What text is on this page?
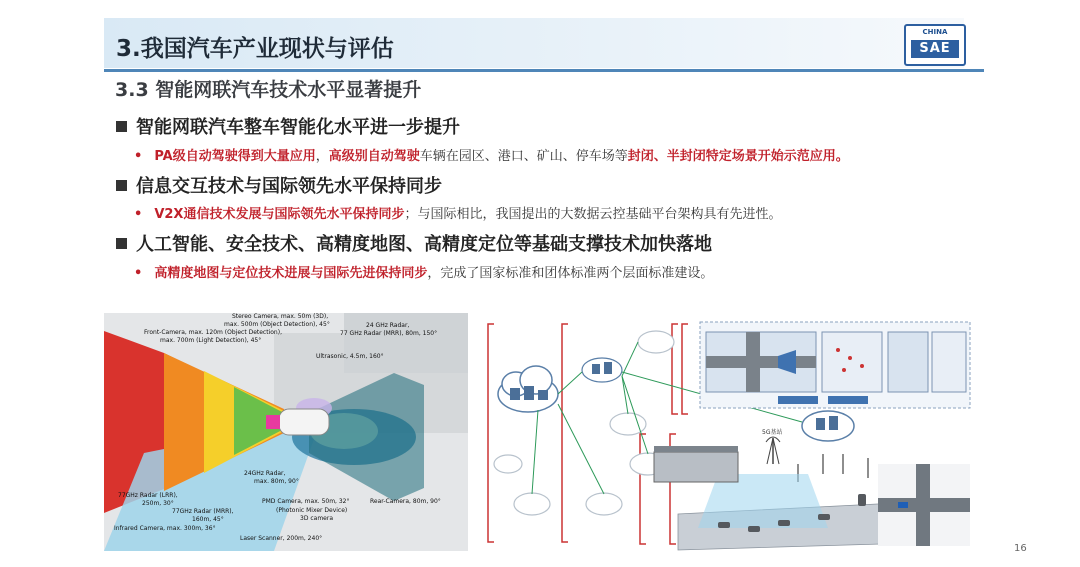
3.我国汽车产业现状与评估
CHINA
SAE
3.3 智能网联汽车技术水平显著提升
智能网联汽车整车智能化水平进一步提升
• PA级自动驾驶得到大量应用，高级别自动驾驶车辆在园区、港口、矿山、停车场等封闭、半封闭特定场景开始示范应用。
信息交互技术与国际领先水平保持同步
• V2X通信技术发展与国际领先水平保持同步；与国际相比，我国提出的大数据云控基础平台架构具有先进性。
人工智能、安全技术、高精度地图、高精度定位等基础支撑技术加快落地
• 高精度地图与定位技术进展与国际先进保持同步，完成了国家标准和团体标准两个层面标准建设。
Stereo Camera, max. 50m (3D),
max. 500m (Object Detection), 45°
Front-Camera, max. 120m (Object Detection),
max. 700m (Light Detection), 45°
24 GHz Radar,
77 GHz Radar (MRR), 80m, 150°
Ultrasonic, 4.5m, 160°
24GHz Radar,
max. 80m, 90°
77GHz Radar (LRR),
250m, 30°
77GHz Radar (MRR),
160m, 45°
Infrared Camera, max. 300m, 36°
PMD Camera, max. 50m, 32°
(Photonic Mixer Device)
3D camera
Rear-Camera, 80m, 90°
Laser Scanner, 200m, 240°
5G基站
16
